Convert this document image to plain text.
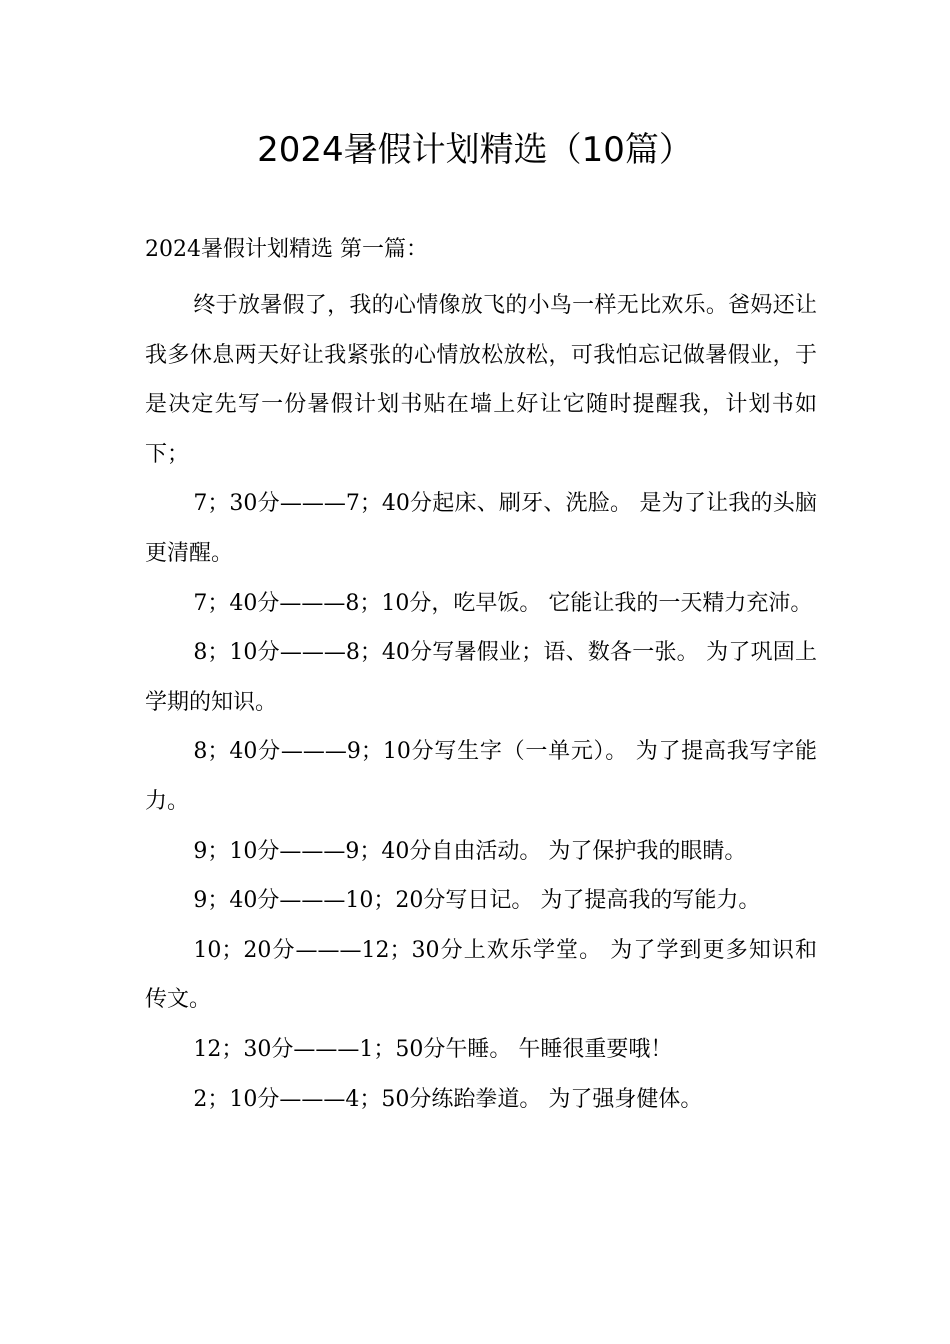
2024暑假计划精选（10篇）
2024暑假计划精选 第一篇：

终于放暑假了，我的心情像放飞的小鸟一样无比欢乐。爸妈还让我多休息两天好让我紧张的心情放松放松，可我怕忘记做暑假业，于是决定先写一份暑假计划书贴在墙上好让它随时提醒我，计划书如下；

7；30分———7；40分起床、刷牙、洗脸。 是为了让我的头脑更清醒。

7；40分———8；10分，吃早饭。 它能让我的一天精力充沛。

8；10分———8；40分写暑假业；语、数各一张。 为了巩固上学期的知识。

8；40分———9；10分写生字（一单元）。 为了提高我写字能力。

9；10分———9；40分自由活动。 为了保护我的眼睛。

9；40分———10；20分写日记。 为了提高我的写能力。

10；20分———12；30分上欢乐学堂。 为了学到更多知识和传文。

12；30分———1；50分午睡。 午睡很重要哦！

2；10分———4；50分练跆拳道。 为了强身健体。
